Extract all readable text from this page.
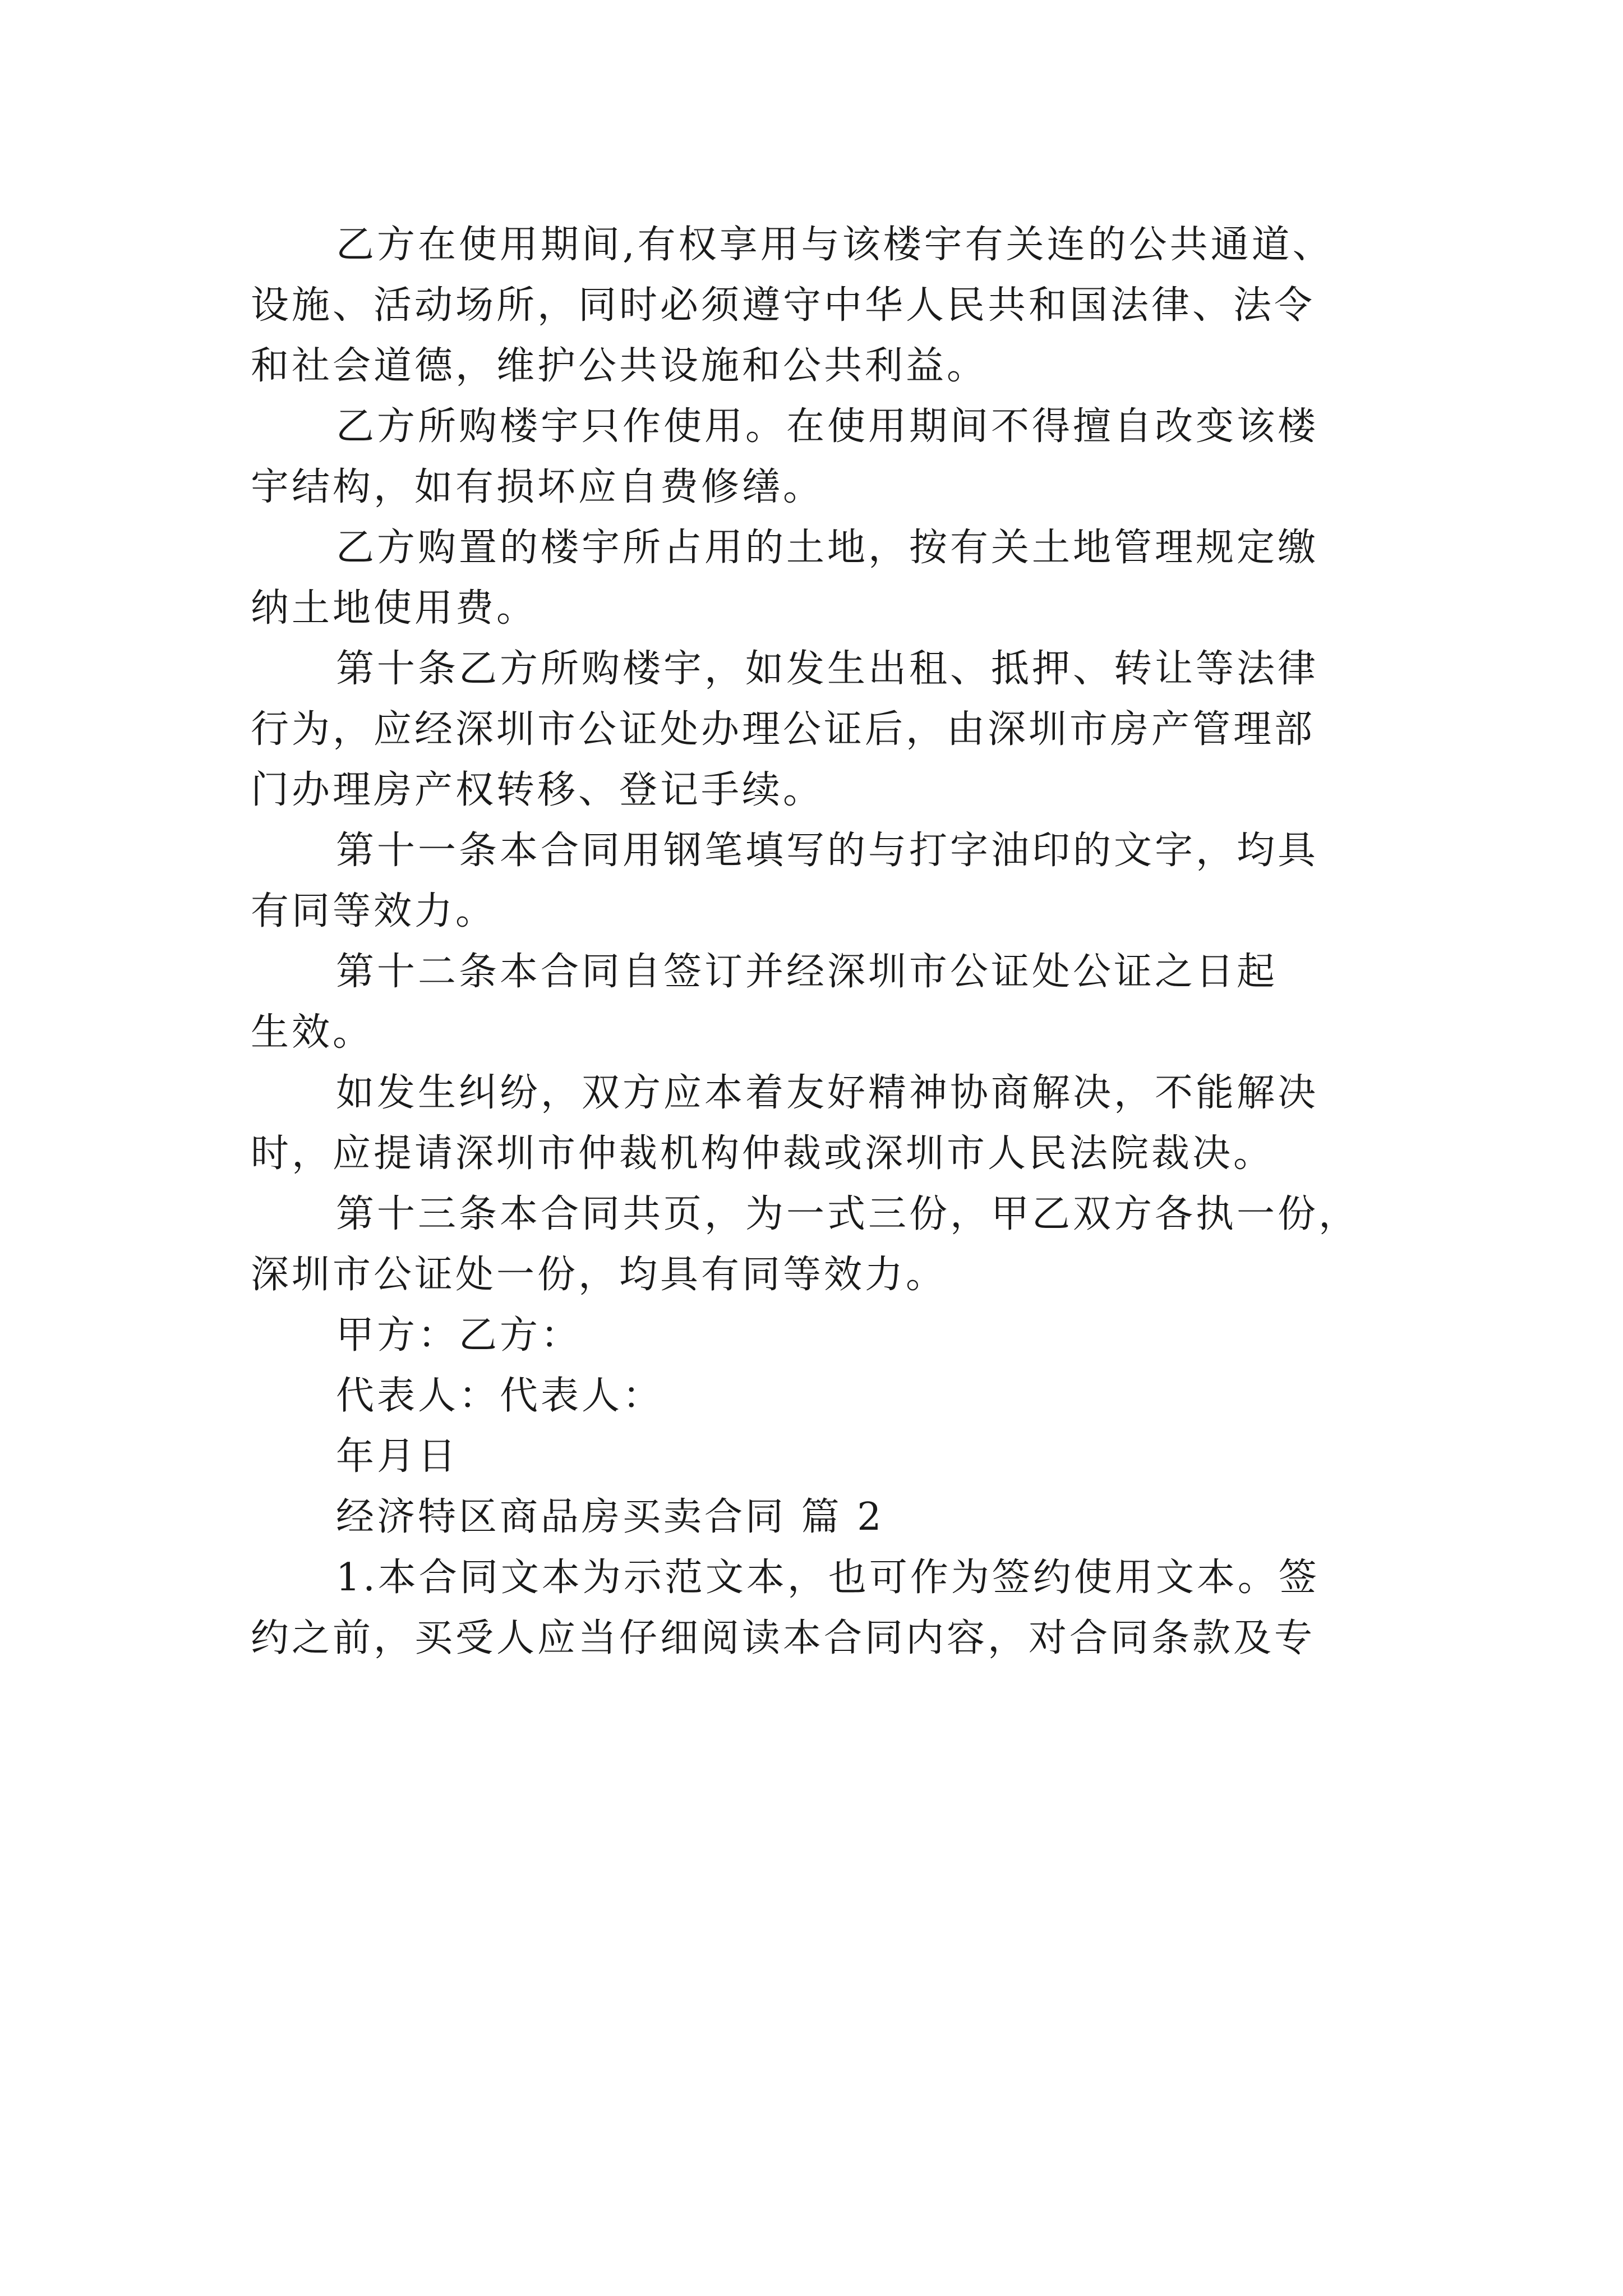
乙方在使用期间,有权享用与该楼宇有关连的公共通道、
设施、活动场所，同时必须遵守中华人民共和国法律、法令
和社会道德，维护公共设施和公共利益。
乙方所购楼宇只作使用。在使用期间不得擅自改变该楼
宇结构，如有损坏应自费修缮。
乙方购置的楼宇所占用的土地，按有关土地管理规定缴
纳土地使用费。
第十条乙方所购楼宇，如发生出租、抵押、转让等法律
行为，应经深圳市公证处办理公证后，由深圳市房产管理部
门办理房产权转移、登记手续。
第十一条本合同用钢笔填写的与打字油印的文字，均具
有同等效力。
第十二条本合同自签订并经深圳市公证处公证之日起
生效。
如发生纠纷，双方应本着友好精神协商解决，不能解决
时，应提请深圳市仲裁机构仲裁或深圳市人民法院裁决。
第十三条本合同共页，为一式三份，甲乙双方各执一份，
深圳市公证处一份，均具有同等效力。
甲方：乙方：
代表人：代表人：
年月日
经济特区商品房买卖合同 篇 2
1.本合同文本为示范文本，也可作为签约使用文本。签
约之前，买受人应当仔细阅读本合同内容，对合同条款及专
